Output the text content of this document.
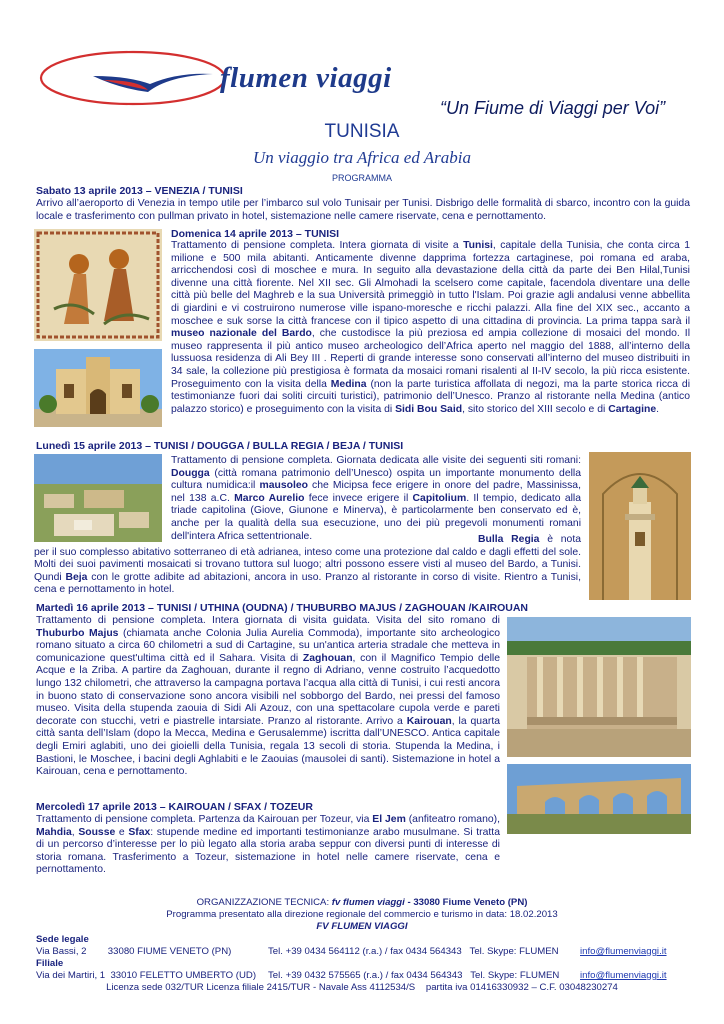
flumen viaggi
“Un Fiume di Viaggi per Voi”
TUNISIA
Un viaggio tra Africa ed Arabia
PROGRAMMA
Sabato 13 aprile 2013 – VENEZIA / TUNISI
Arrivo all’aeroporto di Venezia in tempo utile per l’imbarco sul volo Tunisair per Tunisi. Disbrigo delle formalità di sbarco, incontro con la guida locale e trasferimento con pullman privato in hotel, sistemazione nelle camere riservate, cena e pernottamento.
Domenica 14 aprile 2013 – TUNISI
Trattamento di pensione completa. Intera giornata di visite a Tunisi, capitale della Tunisia, che conta circa 1 milione e 500 mila abitanti. Anticamente divenne dapprima fortezza cartaginese, poi romana ed araba, arricchendosi così di moschee e mura. In seguito alla devastazione della città da parte dei Ben Hilal,Tunisi divenne una città fiorente. Nel XII sec. Gli Almohadi la scelsero come capitale, facendola diventare una delle città più belle del Maghreb e la sua Università primeggiò in tutto l'Islam. Poi grazie agli andalusi venne abbellita di giardini e vi costruirono numerose ville ispano-moresche e ricchi palazzi. Alla fine del XIX sec., accanto a moschee e suk sorse la città francese con il tipico aspetto di una cittadina di provincia. La prima tappa sarà il museo nazionale del Bardo, che custodisce la più preziosa ed ampia collezione di mosaici del mondo. Il museo rappresenta il più antico museo archeologico dell’Africa aperto nel maggio del 1888, all’interno della lussuosa residenza di Ali Bey III . Reperti di grande interesse sono conservati all’interno del museo distribuiti in 34 sale, la collezione più prestigiosa è formata da mosaici romani risalenti al II-IV secolo, la più ricca esistente. Proseguimento con la visita della Medina (non la parte turistica affollata di negozi, ma la parte storica ricca di testimonianze fuori dai soliti circuiti turistici), patrimonio dell’Unesco. Pranzo al ristorante nella Medina (antico palazzo storico) e proseguimento con la visita di Sidi Bou Said, sito storico del XIII secolo e di Cartagine.
Lunedì 15 aprile 2013 – TUNISI / DOUGGA / BULLA REGIA / BEJA / TUNISI
Trattamento di pensione completa. Giornata dedicata alle visite dei seguenti siti romani: Dougga (città romana patrimonio dell’Unesco) ospita un importante monumento della cultura numidica:il mausoleo che Micipsa fece erigere in onore del padre, Massinissa, nel 138 a.C. Marco Aurelio fece invece erigere il Capitolium. Il tempio, dedicato alla triade capitolina (Giove, Giunone e Minerva), è particolarmente ben conservato ed è, anche per la qualità della sua esecuzione, uno dei più pregevoli monumenti romani dell'intera Africa settentrionale.	Bulla Regia è nota per il suo complesso abitativo sotterraneo di età adrianea, inteso come una protezione dal caldo e dagli effetti del sole. Molti dei suoi pavimenti mosaicati si trovano tuttora sul luogo; altri possono essere visti al museo del Bardo, a Tunisi. Qundi Beja con le grotte adibite ad abitazioni, ancora in uso. Pranzo al ristorante in corso di visite. Rientro a Tunisi, cena e pernottamento in hotel.
Martedì 16 aprile 2013 – TUNISI / UTHINA (OUDNA) / THUBURBO MAJUS / ZAGHOUAN /KAIROUAN
Trattamento di pensione completa. Intera giornata di visita guidata. Visita del sito romano di Thuburbo Majus (chiamata anche Colonia Julia Aurelia Commoda), importante sito archeologico romano situato a circa 60 chilometri a sud di Cartagine, su un'antica arteria stradale che metteva in comunicazione quest'ultima città ed il Sahara. Visita di Zaghouan, con il Magnifico Tempio delle Acque e la Zriba. A partire da Zaghouan, durante il regno di Adriano, venne costruito l’acquedotto lungo 132 chilometri, che attraverso la campagna portava l’acqua alla città di Tunisi, i cui resti ancora in buono stato di conservazione sono ancora visibili nel sobborgo del Bardo, nei pressi del famoso museo. Visita della stupenda zaouia di Sidi Ali Azouz, con una spettacolare cupola verde e pareti decorate con stucchi, vetri e piastrelle intarsiate. Pranzo al ristorante. Arrivo a Kairouan, la quarta città santa dell’Islam (dopo la Mecca, Medina e Gerusalemme) iscritta dall’UNESCO. Antica capitale degli Emiri aglabiti, uno dei gioielli della Tunisia, regala 13 secoli di storia. Stupenda la Medina, i Bastioni, le Moschee, i bacini degli Aghlabiti e le Zaouias (mausolei di santi). Sistemazione in hotel a Kairouan, cena e pernottamento.
Mercoledì 17 aprile 2013 – KAIROUAN / SFAX / TOZEUR
Trattamento di pensione completa. Partenza da Kairouan per Tozeur, via El Jem (anfiteatro romano), Mahdia, Sousse e Sfax: stupende medine ed importanti testimonianze arabo musulmane. Si tratta di un percorso d’interesse per lo più legato alla storia araba seppur con diversi punti di interesse di storia romana. Trasferimento a Tozeur, sistemazione in hotel nelle camere riservate, cena e pernottamento.
ORGANIZZAZIONE TECNICA: fv flumen viaggi - 33080 Fiume Veneto (PN)
Programma presentato alla direzione regionale del commercio e turismo in data: 18.02.2013
FV FLUMEN VIAGGI
Sede legale
Via Bassi, 2        33080 FIUME VENETO (PN)	Tel. +39 0434 564112 (r.a.) / fax 0434 564343   Tel. Skype: FLUMEN info@flumenviaggi.it
Filiale
Via dei Martiri, 1  33010 FELETTO UMBERTO (UD) Tel. +39 0432 575565 (r.a.) / fax 0434 564343   Tel. Skype: FLUMEN info@flumenviaggi.it
Licenza sede 032/TUR Licenza filiale 2415/TUR - Navale Ass 4112534/S    partita iva 01416330932 – C.F. 03048230274
